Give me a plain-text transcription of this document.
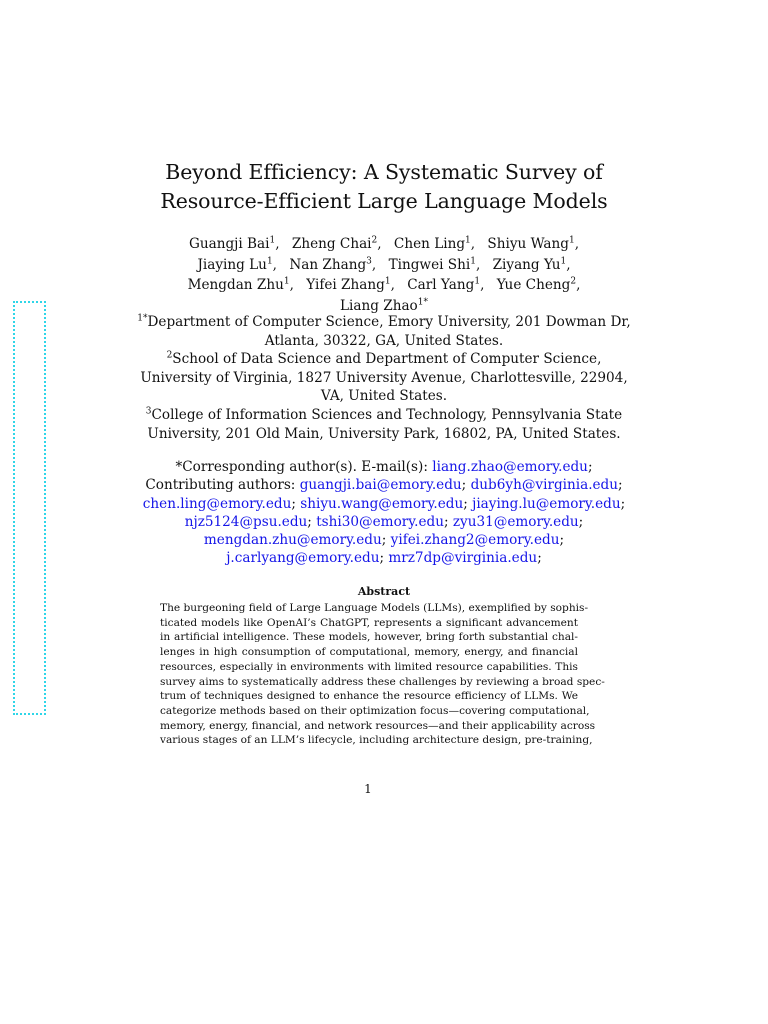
Beyond Efficiency: A Systematic Survey of
Resource-Efficient Large Language Models
Guangji Bai$^1$, Zheng Chai$^2$, Chen Ling$^1$, Shiyu Wang$^1$,
Jiaying Lu$^1$, Nan Zhang$^3$, Tingwei Shi$^1$, Ziyang Yu$^1$,
Mengdan Zhu$^1$, Yifei Zhang$^1$, Carl Yang$^1$, Yue Cheng$^2$,
Liang Zhao$^{1*}$
$^{1*}$Department of Computer Science, Emory University, 201 Dowman Dr,
Atlanta, 30322, GA, United States.
$^2$School of Data Science and Department of Computer Science,
University of Virginia, 1827 University Avenue, Charlottesville, 22904,
VA, United States.
$^3$College of Information Sciences and Technology, Pennsylvania State
University, 201 Old Main, University Park, 16802, PA, United States.
*Corresponding author(s). E-mail(s): liang.zhao@emory.edu;
Contributing authors: guangji.bai@emory.edu; dub6yh@virginia.edu;
chen.ling@emory.edu; shiyu.wang@emory.edu; jiaying.lu@emory.edu;
njz5124@psu.edu; tshi30@emory.edu; zyu31@emory.edu;
mengdan.zhu@emory.edu; yifei.zhang2@emory.edu;
j.carlyang@emory.edu; mrz7dp@virginia.edu;
Abstract
The burgeoning field of Large Language Models (LLMs), exemplified by sophis-
ticated models like OpenAI’s ChatGPT, represents a significant advancement
in artificial intelligence. These models, however, bring forth substantial chal-
lenges in high consumption of computational, memory, energy, and financial
resources, especially in environments with limited resource capabilities. This
survey aims to systematically address these challenges by reviewing a broad spec-
trum of techniques designed to enhance the resource efficiency of LLMs. We
categorize methods based on their optimization focus—covering computational,
memory, energy, financial, and network resources—and their applicability across
various stages of an LLM’s lifecycle, including architecture design, pre-training,
1
